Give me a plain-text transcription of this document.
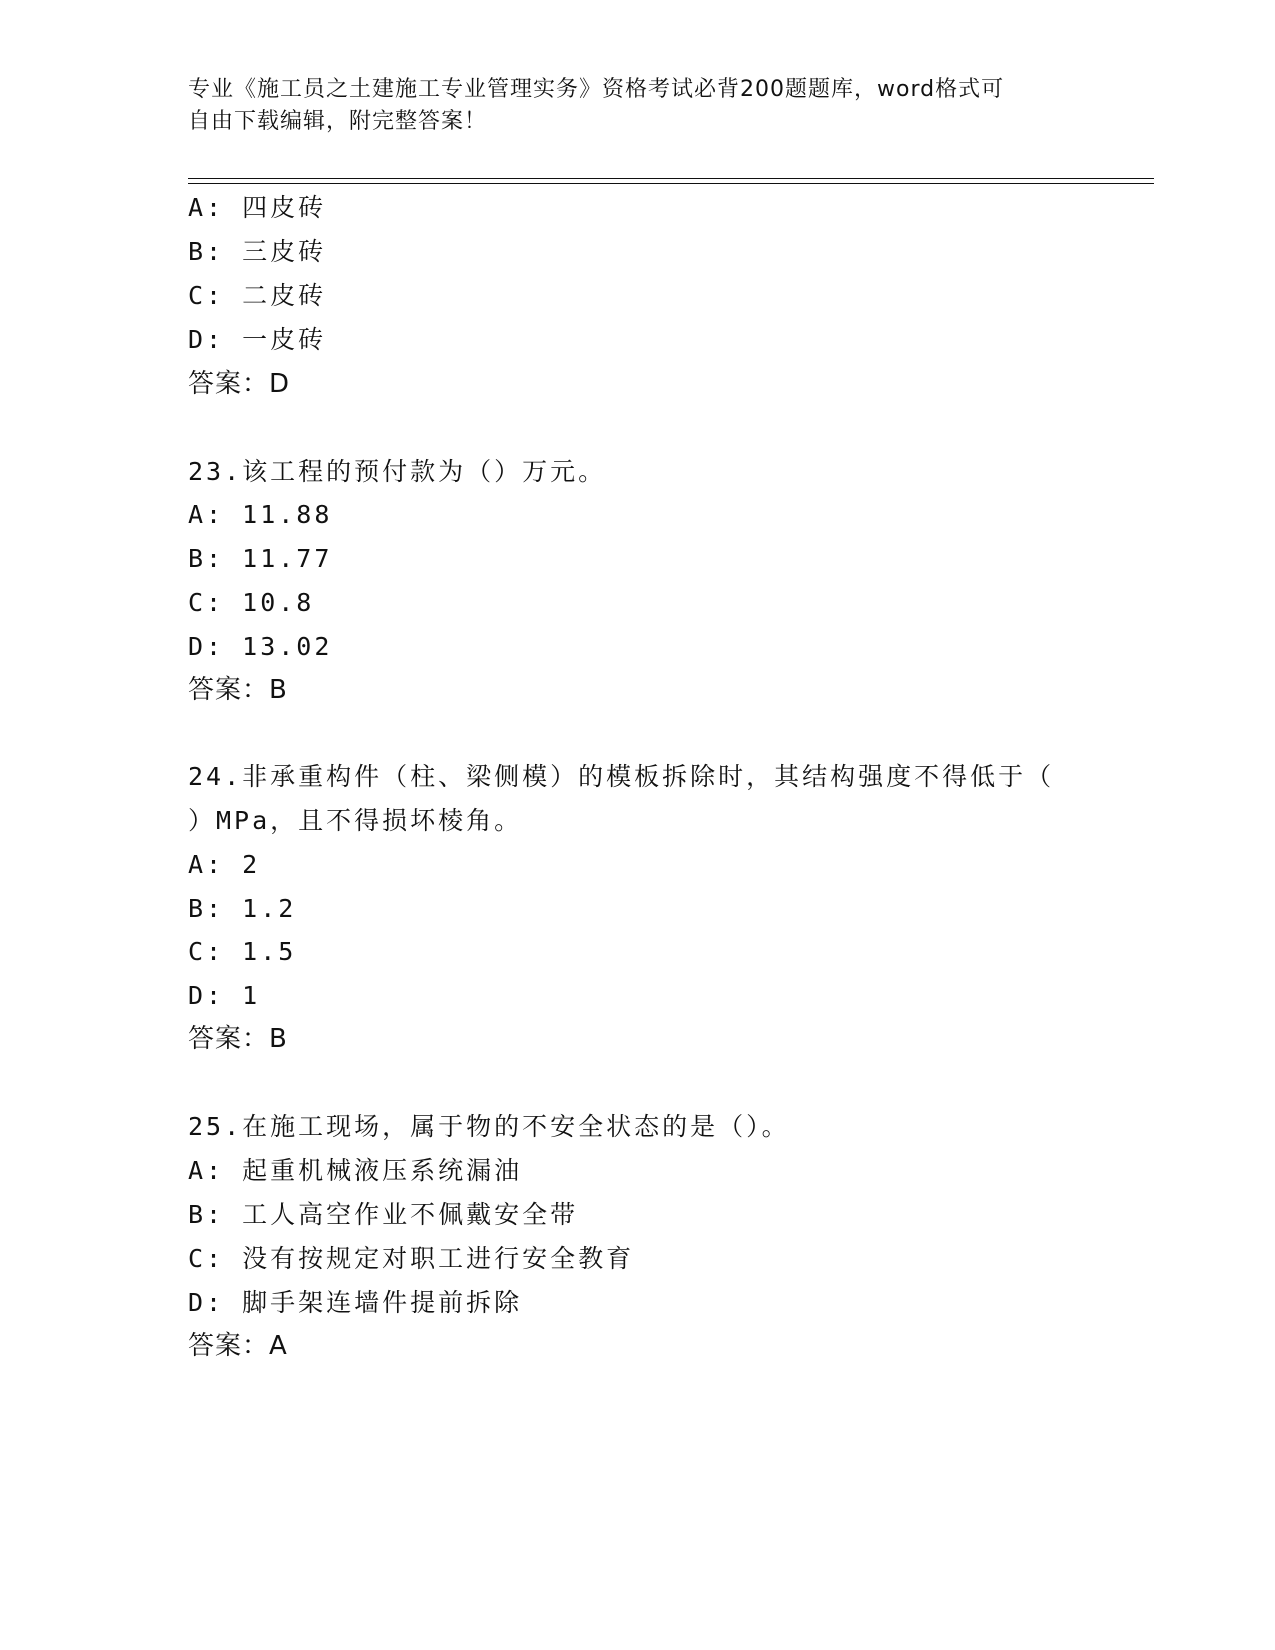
专业《施工员之土建施工专业管理实务》资格考试必背200题题库，word格式可
自由下载编辑，附完整答案！
A: 四皮砖
B: 三皮砖
C: 二皮砖
D: 一皮砖
答案：D
23.该工程的预付款为（）万元。
A: 11.88
B: 11.77
C: 10.8
D: 13.02
答案：B
24.非承重构件（柱、梁侧模）的模板拆除时，其结构强度不得低于（
）MPa，且不得损坏棱角。
A: 2
B: 1.2
C: 1.5
D: 1
答案：B
25.在施工现场，属于物的不安全状态的是（）。
A: 起重机械液压系统漏油
B: 工人高空作业不佩戴安全带
C: 没有按规定对职工进行安全教育
D: 脚手架连墙件提前拆除
答案：A
